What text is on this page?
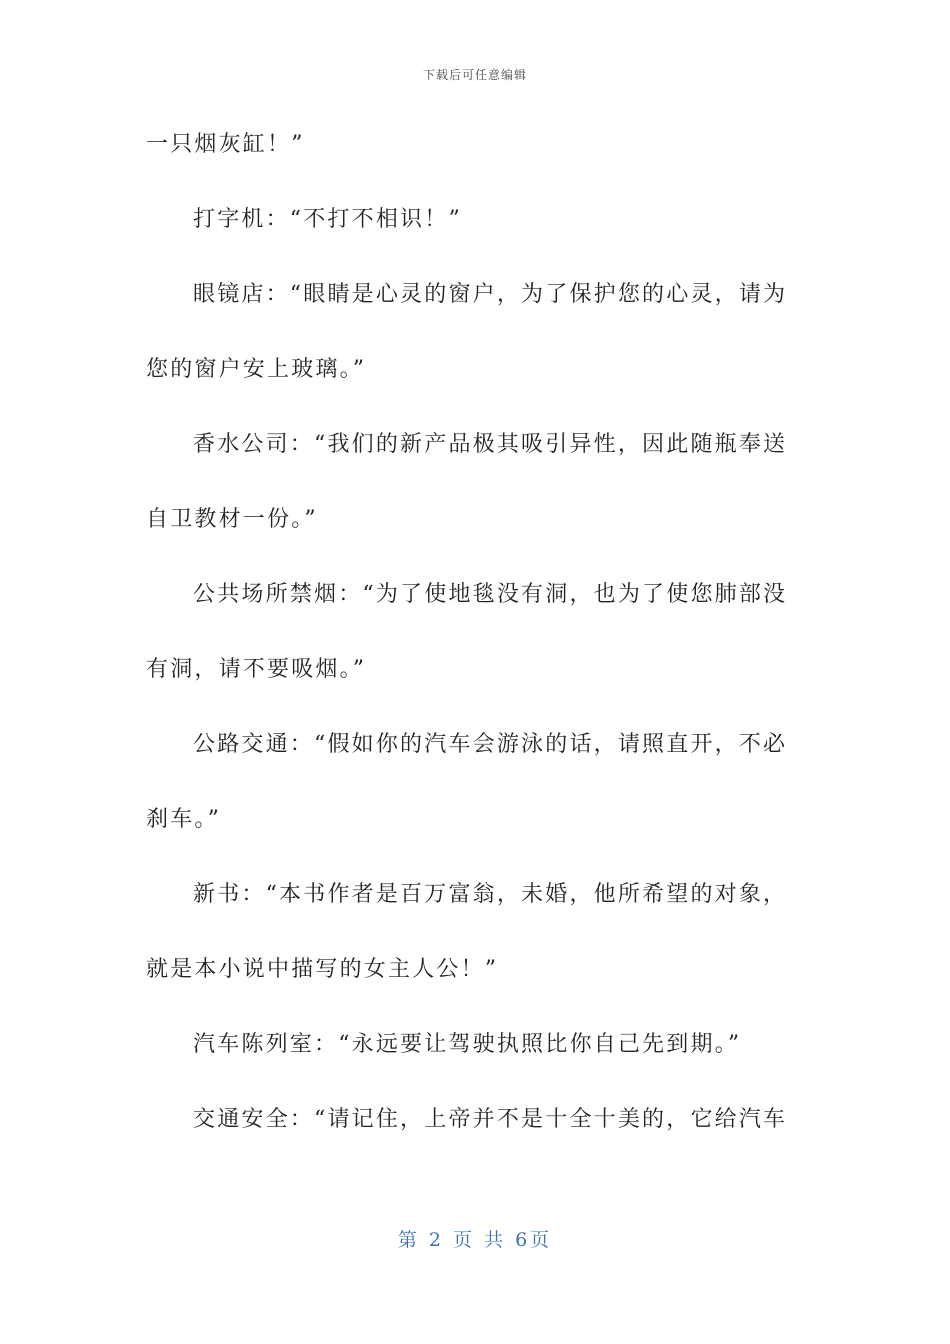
下载后可任意编辑
一只烟灰缸！”
打字机：“不打不相识！”
眼镜店：“眼睛是心灵的窗户，为了保护您的心灵，请为
您的窗户安上玻璃。”
香水公司：“我们的新产品极其吸引异性，因此随瓶奉送
自卫教材一份。”
公共场所禁烟：“为了使地毯没有洞，也为了使您肺部没
有洞，请不要吸烟。”
公路交通：“假如你的汽车会游泳的话，请照直开，不必
刹车。”
新书：“本书作者是百万富翁，未婚，他所希望的对象，
就是本小说中描写的女主人公！”
汽车陈列室：“永远要让驾驶执照比你自己先到期。”
交通安全：“请记住，上帝并不是十全十美的，它给汽车
第 2 页 共 6页
